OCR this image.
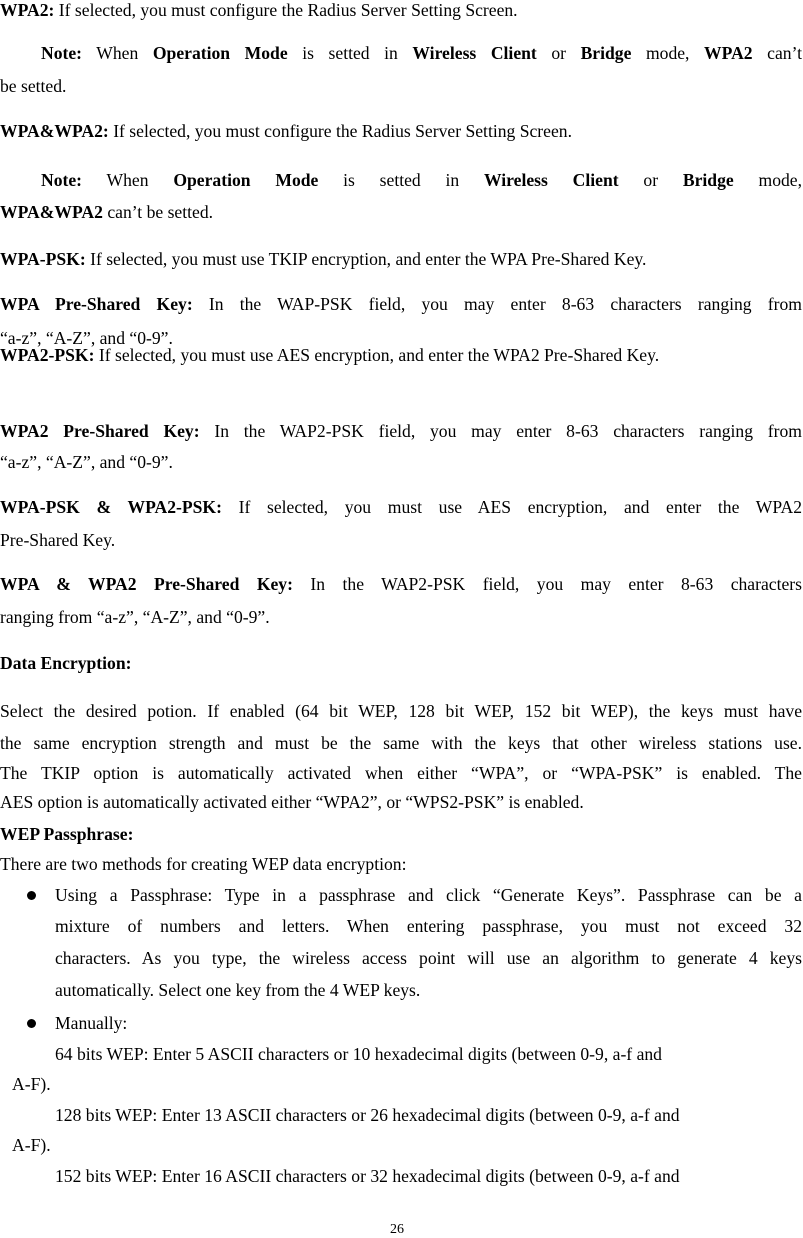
WPA2: If selected, you must configure the Radius Server Setting Screen.
Note: When Operation Mode is setted in Wireless Client or Bridge mode, WPA2 can’t
be setted.
WPA&WPA2: If selected, you must configure the Radius Server Setting Screen.
Note: When Operation Mode is setted in Wireless Client or Bridge mode,
WPA&WPA2 can’t be setted.
WPA-PSK: If selected, you must use TKIP encryption, and enter the WPA Pre-Shared Key.
WPA Pre-Shared Key: In the WAP-PSK field, you may enter 8-63 characters ranging from
“a-z”, “A-Z”, and “0-9”.
WPA2-PSK: If selected, you must use AES encryption, and enter the WPA2 Pre-Shared Key.
WPA2 Pre-Shared Key: In the WAP2-PSK field, you may enter 8-63 characters ranging from
“a-z”, “A-Z”, and “0-9”.
WPA-PSK & WPA2-PSK: If selected, you must use AES encryption, and enter the WPA2
Pre-Shared Key.
WPA & WPA2 Pre-Shared Key: In the WAP2-PSK field, you may enter 8-63 characters
ranging from “a-z”, “A-Z”, and “0-9”.
Data Encryption:
Select the desired potion. If enabled (64 bit WEP, 128 bit WEP, 152 bit WEP), the keys must have
the same encryption strength and must be the same with the keys that other wireless stations use.
The TKIP option is automatically activated when either “WPA”, or “WPA-PSK” is enabled. The
AES option is automatically activated either “WPA2”, or “WPS2-PSK” is enabled.
WEP Passphrase:
There are two methods for creating WEP data encryption:
Using a Passphrase: Type in a passphrase and click “Generate Keys”. Passphrase can be a
mixture of numbers and letters. When entering passphrase, you must not exceed 32
characters. As you type, the wireless access point will use an algorithm to generate 4 keys
automatically. Select one key from the 4 WEP keys.
Manually:
64 bits WEP: Enter 5 ASCII characters or 10 hexadecimal digits (between 0-9, a-f and
A-F).
128 bits WEP: Enter 13 ASCII characters or 26 hexadecimal digits (between 0-9, a-f and
A-F).
152 bits WEP: Enter 16 ASCII characters or 32 hexadecimal digits (between 0-9, a-f and
26
